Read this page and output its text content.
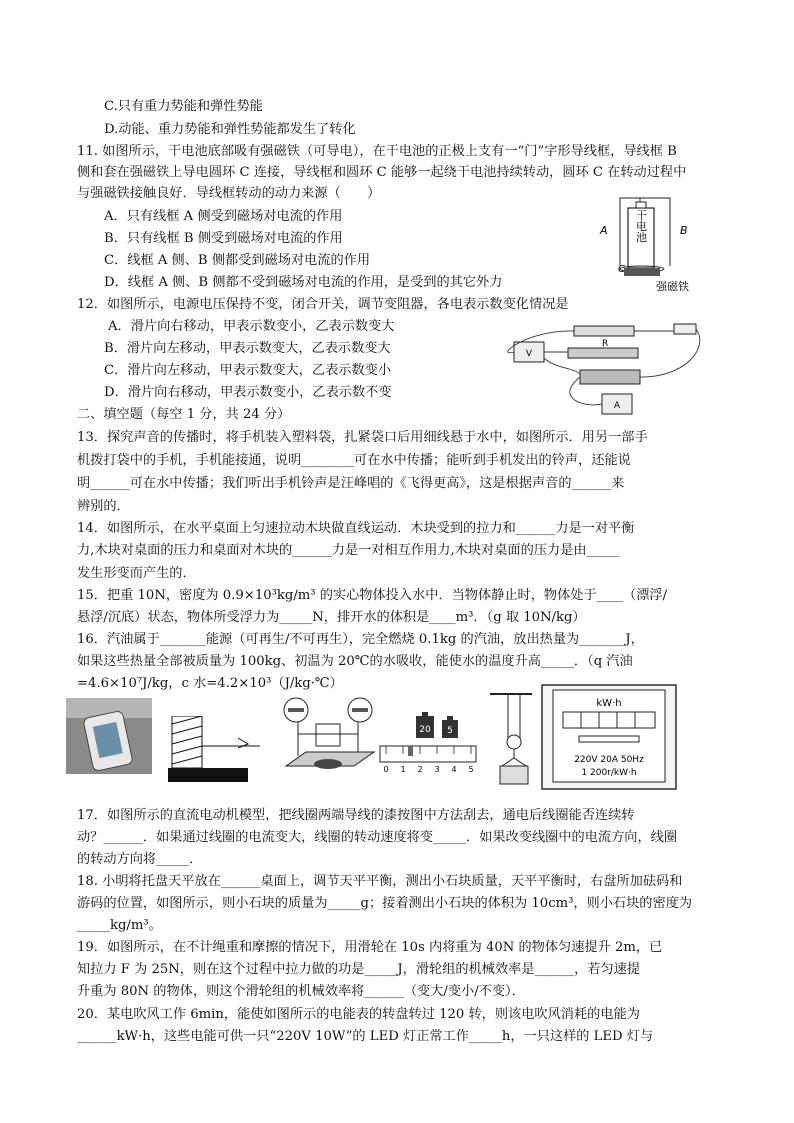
C.只有重力势能和弹性势能
D.动能、重力势能和弹性势能都发生了转化
11. 如图所示，干电池底部吸有强磁铁（可导电），在干电池的正极上支有一“门”字形导线框，导线框 B
侧和套在强磁铁上导电圆环 C 连接，导线框和圆环 C 能够一起绕干电池持续转动，圆环 C 在转动过程中
与强磁铁接触良好．导线框转动的动力来源（　　）
A．只有线框 A 侧受到磁场对电流的作用
B．只有线框 B 侧受到磁场对电流的作用
C．线框 A 侧、B 侧都受到磁场对电流的作用
D．线框 A 侧、B 侧都不受到磁场对电流的作用，是受到的其它外力
12．如图所示，电源电压保持不变，闭合开关，调节变阻器，各电表示数变化情况是
A．滑片向右移动，甲表示数变小，乙表示数变大
B．滑片向左移动，甲表示数变大，乙表示数变大
C．滑片向左移动，甲表示数变大，乙表示数变小
D．滑片向右移动，甲表示数变小，乙表示数不变
二、填空题（每空 1 分，共 24 分）
13．探究声音的传播时，将手机装入塑料袋，扎紧袋口后用细线悬于水中，如图所示．用另一部手
机拨打袋中的手机，手机能接通，说明________可在水中传播；能听到手机发出的铃声，还能说
明______可在水中传播；我们听出手机铃声是汪峰唱的《飞得更高》，这是根据声音的______来
辨别的．
14．如图所示，在水平桌面上匀速拉动木块做直线运动．木块受到的拉力和______力是一对平衡
力,木块对桌面的压力和桌面对木块的______力是一对相互作用力,木块对桌面的压力是由_____
发生形变而产生的．
15．把重 10N，密度为 0.9×10³kg/m³ 的实心物体投入水中．当物体静止时，物体处于____（漂浮/
悬浮/沉底）状态，物体所受浮力为_____N，排开水的体积是____m³．（g 取 10N/kg）
16．汽油属于_______能源（可再生/不可再生），完全燃烧 0.1kg 的汽油，放出热量为_______J，
如果这些热量全部被质量为 100kg、初温为 20℃的水吸收，能使水的温度升高_____．（q 汽油
=4.6×10⁷J/kg，c 水=4.2×10³（J/kg·℃）
17．如图所示的直流电动机模型，把线圈两端导线的漆按图中方法刮去，通电后线圈能否连续转
动？______．如果通过线圈的电流变大，线圈的转动速度将变_____．如果改变线圈中的电流方向，线圈
的转动方向将_____．
18. 小明将托盘天平放在______桌面上，调节天平平衡，测出小石块质量，天平平衡时，右盘所加砝码和
游码的位置，如图所示，则小石块的质量为_____g；接着测出小石块的体积为 10cm³，则小石块的密度为
_____kg/m³。
19．如图所示，在不计绳重和摩擦的情况下，用滑轮在 10s 内将重为 40N 的物体匀速提升 2m，已
知拉力 F 为 25N，则在这个过程中拉力做的功是_____J，滑轮组的机械效率是______，若匀速提
升重为 80N 的物体，则这个滑轮组的机械效率将______（变大/变小/不变）．
20．某电吹风工作 6min，能使如图所示的电能表的转盘转过 120 转，则该电吹风消耗的电能为
______kW·h，这些电能可供一只“220V 10W”的 LED 灯正常工作_____h，一只这样的 LED 灯与
干电池
A	B
C
强磁铁
V
R
A
20 5
0 1 2 3 4 5
kW·h
220V 20A 50Hz
1 200r/kW·h
